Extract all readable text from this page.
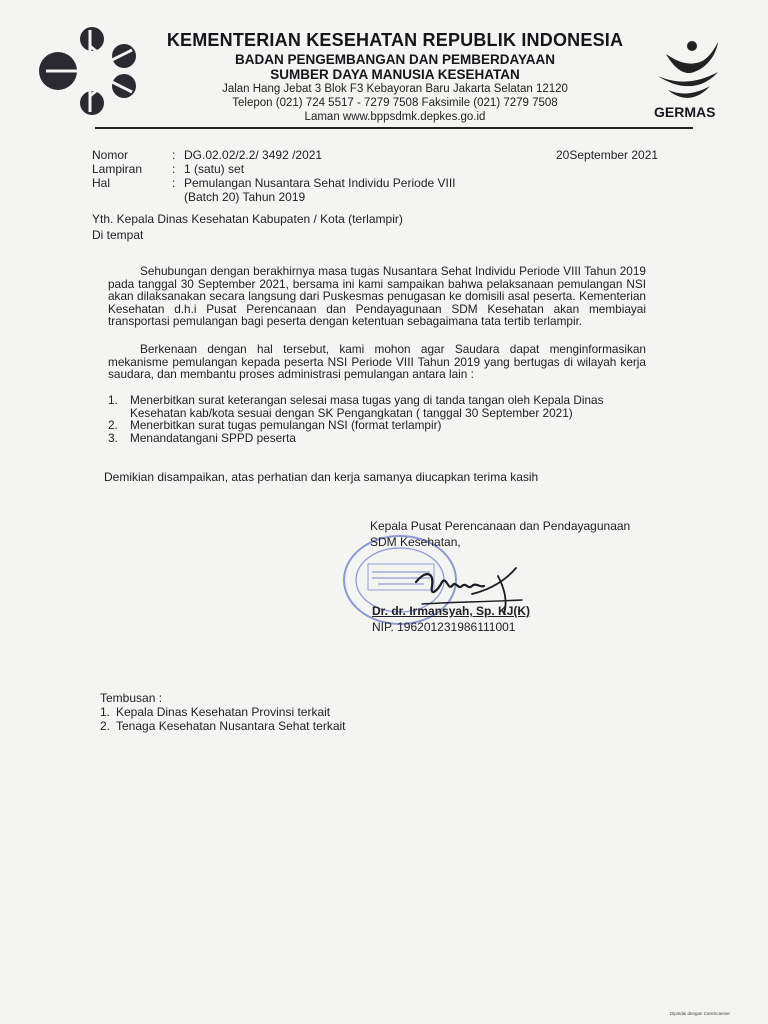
KEMENTERIAN KESEHATAN REPUBLIK INDONESIA
BADAN PENGEMBANGAN DAN PEMBERDAYAAN
SUMBER DAYA MANUSIA KESEHATAN
Jalan Hang Jebat 3 Blok F3 Kebayoran Baru Jakarta Selatan 12120
Telepon (021) 724 5517 - 7279 7508 Faksimile (021) 7279 7508
Laman www.bppsdmk.depkes.go.id	GERMAS
Nomor	: DG.02.02/2.2/ 3492 /2021
Lampiran	: 1 (satu) set
Hal	: Pemulangan Nusantara Sehat Individu Periode VIII
(Batch 20) Tahun 2019
20September 2021
Yth. Kepala Dinas Kesehatan Kabupaten / Kota (terlampir)
Di tempat
Sehubungan dengan berakhirnya masa tugas Nusantara Sehat Individu Periode VIII Tahun 2019 pada tanggal 30 September 2021, bersama ini kami sampaikan bahwa pelaksanaan pemulangan NSI akan dilaksanakan secara langsung dari Puskesmas penugasan ke domisili asal peserta. Kementerian Kesehatan d.h.i Pusat Perencanaan dan Pendayagunaan SDM Kesehatan akan membiayai transportasi pemulangan bagi peserta dengan ketentuan sebagaimana tata tertib terlampir.
Berkenaan dengan hal tersebut, kami mohon agar Saudara dapat menginformasikan mekanisme pemulangan kepada peserta NSI Periode VIII Tahun 2019 yang bertugas di wilayah kerja saudara, dan membantu proses administrasi pemulangan antara lain :
1.	Menerbitkan surat keterangan selesai masa tugas yang di tanda tangan oleh Kepala Dinas Kesehatan kab/kota sesuai dengan SK Pengangkatan ( tanggal 30 September 2021)
2.	Menerbitkan surat tugas pemulangan NSI (format terlampir)
3.	Menandatangani SPPD peserta
Demikian disampaikan, atas perhatian dan kerja samanya diucapkan terima kasih
Kepala Pusat Perencanaan dan Pendayagunaan
SDM Kesehatan,
Dr. dr. Irmansyah, Sp. KJ(K)
NIP. 196201231986111001
Tembusan :
1. Kepala Dinas Kesehatan Provinsi terkait
2. Tenaga Kesehatan Nusantara Sehat terkait
Dipindai dengan CamScanner
